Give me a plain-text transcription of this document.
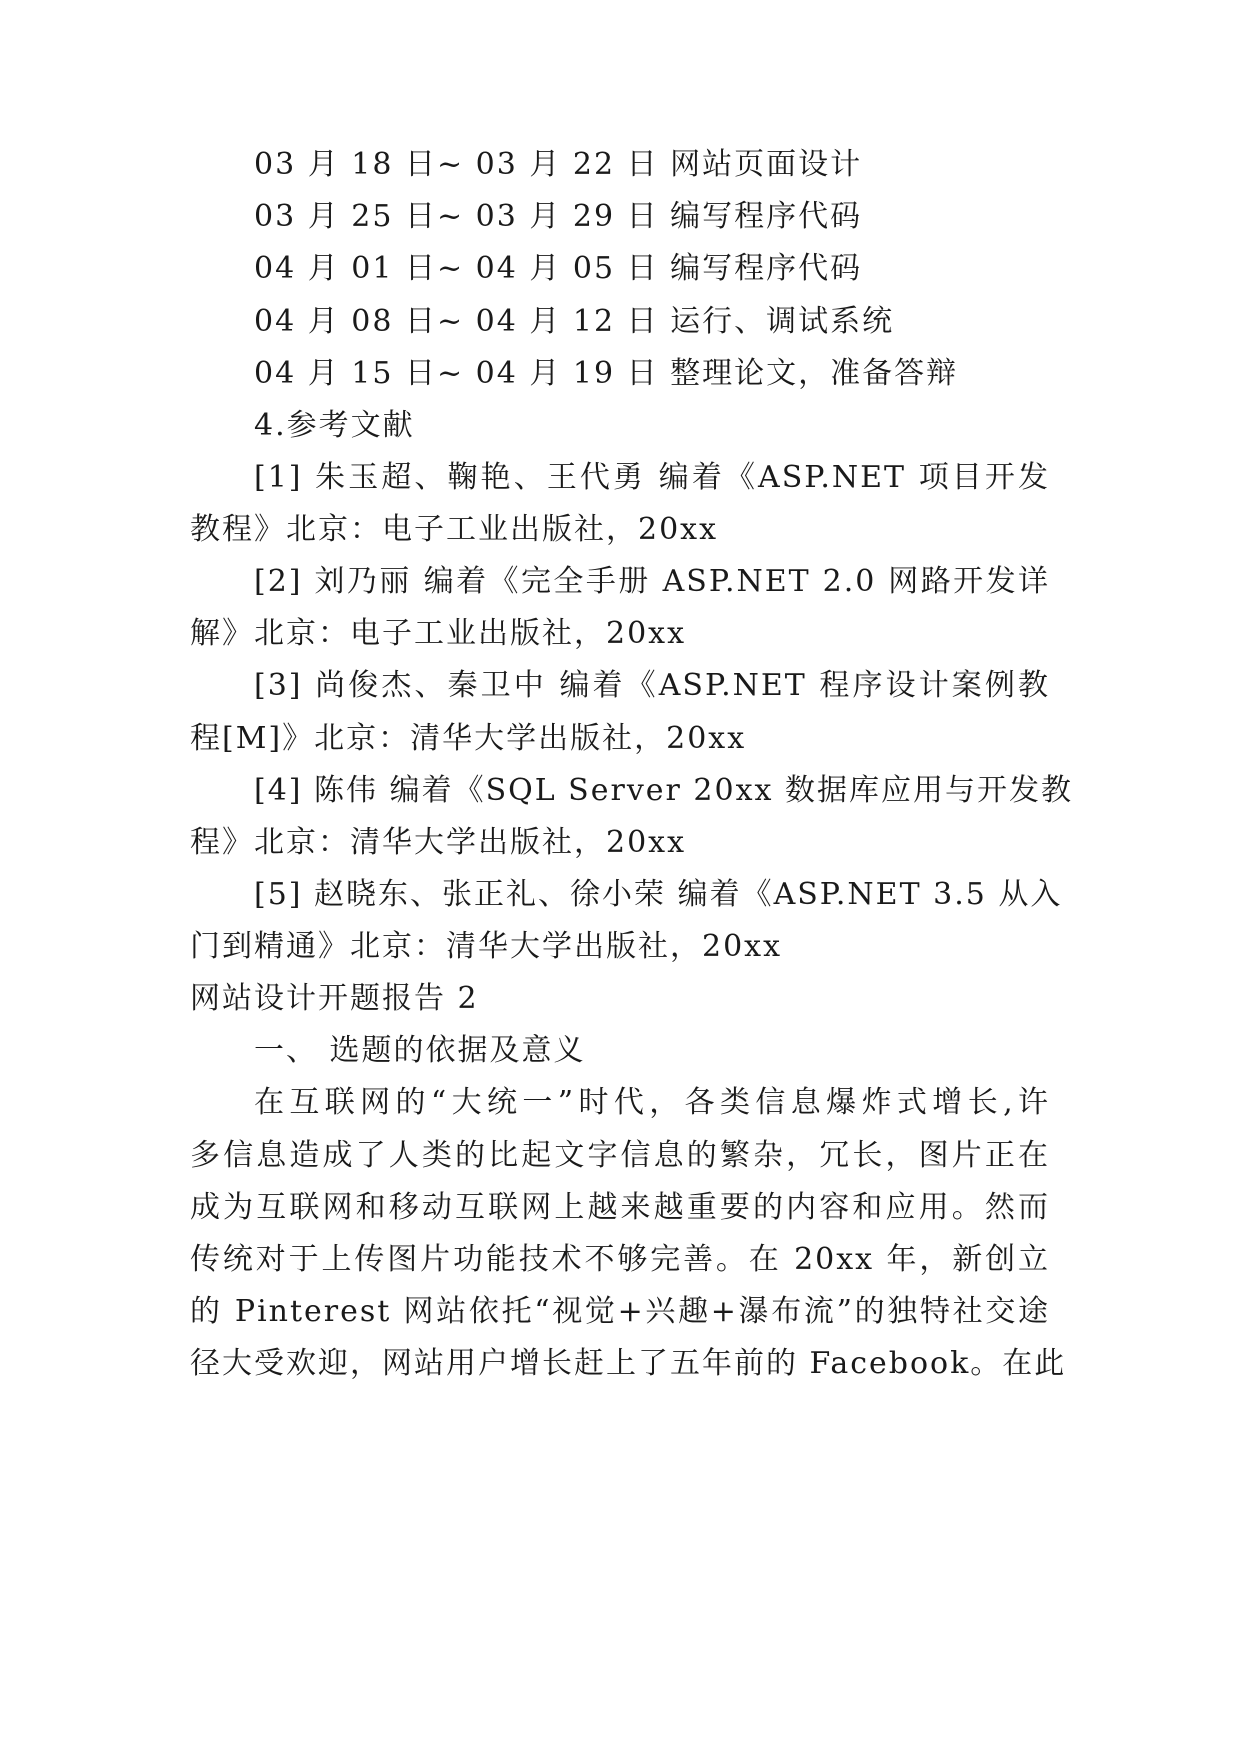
03 月 18 日~ 03 月 22 日 网站页面设计
03 月 25 日~ 03 月 29 日 编写程序代码
04 月 01 日~ 04 月 05 日 编写程序代码
04 月 08 日~ 04 月 12 日 运行、调试系统
04 月 15 日~ 04 月 19 日 整理论文，准备答辩
4.参考文献
[1] 朱玉超、鞠艳、王代勇 编着《ASP.NET 项目开发
教程》北京：电子工业出版社，20xx
[2] 刘乃丽 编着《完全手册 ASP.NET 2.0 网路开发详
解》北京：电子工业出版社，20xx
[3] 尚俊杰、秦卫中 编着《ASP.NET 程序设计案例教
程[M]》北京：清华大学出版社，20xx
[4] 陈伟 编着《SQL Server 20xx 数据库应用与开发教
程》北京：清华大学出版社，20xx
[5] 赵晓东、张正礼、徐小荣 编着《ASP.NET 3.5 从入
门到精通》北京：清华大学出版社，20xx
网站设计开题报告 2
一、 选题的依据及意义
在互联网的“大统一”时代，各类信息爆炸式增长,许
多信息造成了人类的比起文字信息的繁杂，冗长，图片正在
成为互联网和移动互联网上越来越重要的内容和应用。然而
传统对于上传图片功能技术不够完善。在 20xx 年，新创立
的 Pinterest 网站依托“视觉+兴趣+瀑布流”的独特社交途
径大受欢迎，网站用户增长赶上了五年前的 Facebook。在此
